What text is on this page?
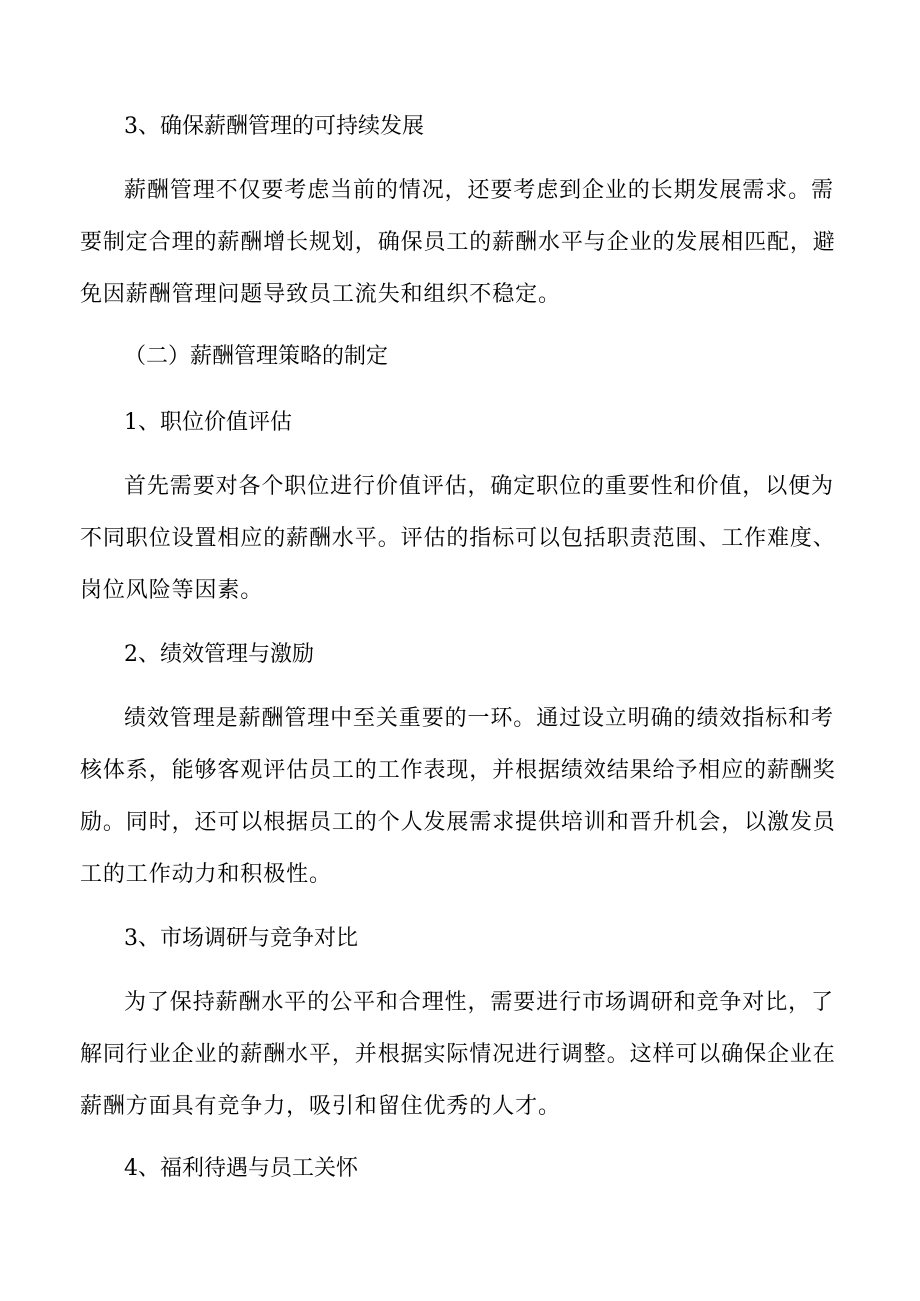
3、确保薪酬管理的可持续发展
薪酬管理不仅要考虑当前的情况，还要考虑到企业的长期发展需求。需
要制定合理的薪酬增长规划，确保员工的薪酬水平与企业的发展相匹配，避
免因薪酬管理问题导致员工流失和组织不稳定。
（二）薪酬管理策略的制定
1、职位价值评估
首先需要对各个职位进行价值评估，确定职位的重要性和价值，以便为
不同职位设置相应的薪酬水平。评估的指标可以包括职责范围、工作难度、
岗位风险等因素。
2、绩效管理与激励
绩效管理是薪酬管理中至关重要的一环。通过设立明确的绩效指标和考
核体系，能够客观评估员工的工作表现，并根据绩效结果给予相应的薪酬奖
励。同时，还可以根据员工的个人发展需求提供培训和晋升机会，以激发员
工的工作动力和积极性。
3、市场调研与竞争对比
为了保持薪酬水平的公平和合理性，需要进行市场调研和竞争对比，了
解同行业企业的薪酬水平，并根据实际情况进行调整。这样可以确保企业在
薪酬方面具有竞争力，吸引和留住优秀的人才。
4、福利待遇与员工关怀
